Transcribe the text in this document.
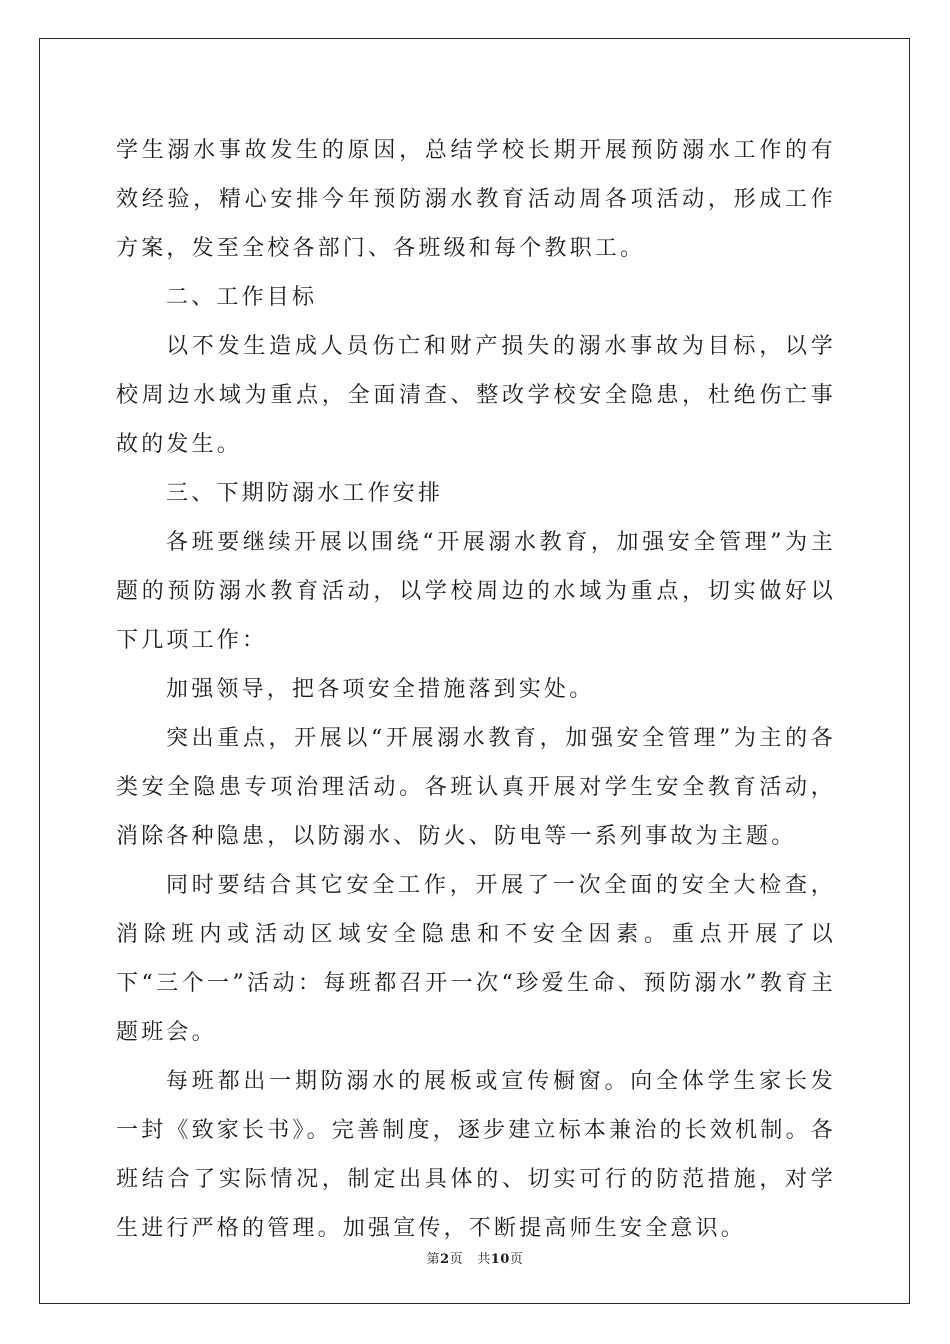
学生溺水事故发生的原因，总结学校长期开展预防溺水工作的有效经验，精心安排今年预防溺水教育活动周各项活动，形成工作方案，发至全校各部门、各班级和每个教职工。

二、工作目标

以不发生造成人员伤亡和财产损失的溺水事故为目标，以学校周边水域为重点，全面清查、整改学校安全隐患，杜绝伤亡事故的发生。

三、下期防溺水工作安排

各班要继续开展以围绕“开展溺水教育，加强安全管理”为主题的预防溺水教育活动，以学校周边的水域为重点，切实做好以下几项工作：

加强领导，把各项安全措施落到实处。

突出重点，开展以“开展溺水教育，加强安全管理”为主的各类安全隐患专项治理活动。各班认真开展对学生安全教育活动，消除各种隐患，以防溺水、防火、防电等一系列事故为主题。

同时要结合其它安全工作，开展了一次全面的安全大检查，消除班内或活动区域安全隐患和不安全因素。重点开展了以下“三个一”活动：每班都召开一次“珍爱生命、预防溺水”教育主题班会。

每班都出一期防溺水的展板或宣传橱窗。向全体学生家长发一封《致家长书》。完善制度，逐步建立标本兼治的长效机制。各班结合了实际情况，制定出具体的、切实可行的防范措施，对学生进行严格的管理。加强宣传，不断提高师生安全意识。

第2页 共10页
